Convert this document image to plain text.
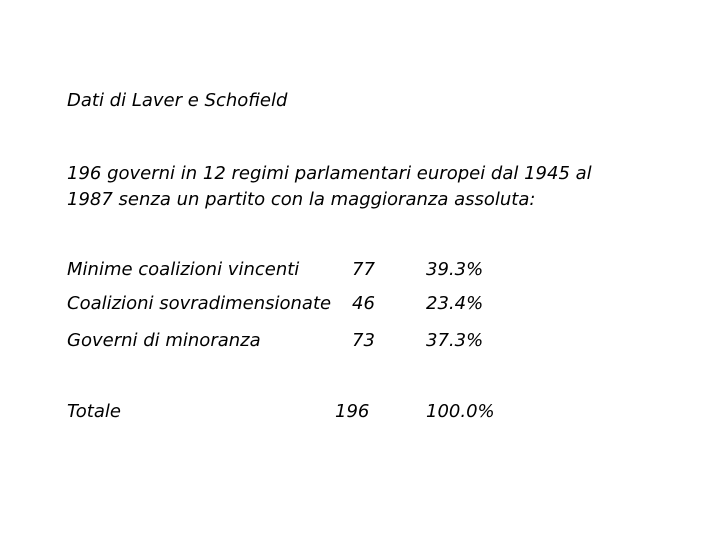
Dati di Laver e Schofield
196 governi in 12 regimi parlamentari europei dal 1945 al
1987 senza un partito con la maggioranza assoluta:
Minime coalizioni vincenti	77	39.3%
Coalizioni sovradimensionate 46	23.4%
Governi di minoranza	73	37.3%
Totale	196	100.0%
